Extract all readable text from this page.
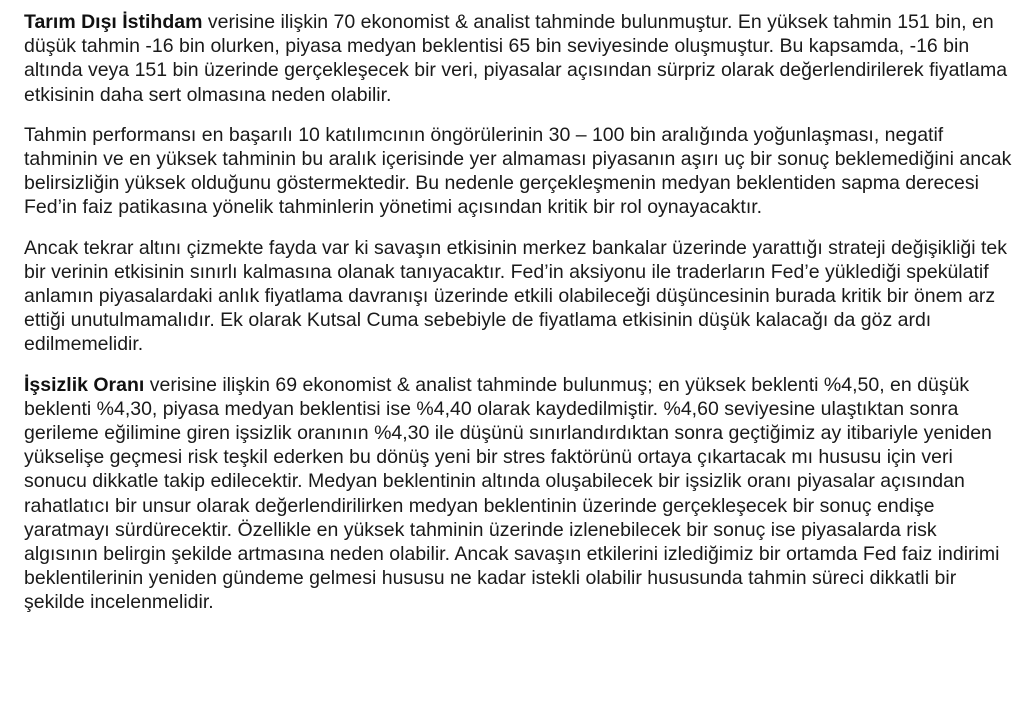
Tarım Dışı İstihdam verisine ilişkin 70 ekonomist & analist tahminde bulunmuştur. En yüksek tahmin 151 bin, en düşük tahmin -16 bin olurken, piyasa medyan beklentisi 65 bin seviyesinde oluşmuştur. Bu kapsamda, -16 bin altında veya 151 bin üzerinde gerçekleşecek bir veri, piyasalar açısından sürpriz olarak değerlendirilerek fiyatlama etkisinin daha sert olmasına neden olabilir.

Tahmin performansı en başarılı 10 katılımcının öngörülerinin 30 – 100 bin aralığında yoğunlaşması, negatif tahminin ve en yüksek tahminin bu aralık içerisinde yer almaması piyasanın aşırı uç bir sonuç beklemediğini ancak belirsizliğin yüksek olduğunu göstermektedir. Bu nedenle gerçekleşmenin medyan beklentiden sapma derecesi Fed’in faiz patikasına yönelik tahminlerin yönetimi açısından kritik bir rol oynayacaktır.

Ancak tekrar altını çizmekte fayda var ki savaşın etkisinin merkez bankalar üzerinde yarattığı strateji değişikliği tek bir verinin etkisinin sınırlı kalmasına olanak tanıyacaktır. Fed’in aksiyonu ile traderların Fed’e yüklediği spekülatif anlamın piyasalardaki anlık fiyatlama davranışı üzerinde etkili olabileceği düşüncesinin burada kritik bir önem arz ettiği unutulmamalıdır. Ek olarak Kutsal Cuma sebebiyle de fiyatlama etkisinin düşük kalacağı da göz ardı edilmemelidir.

İşsizlik Oranı verisine ilişkin 69 ekonomist & analist tahminde bulunmuş; en yüksek beklenti %4,50, en düşük beklenti %4,30, piyasa medyan beklentisi ise %4,40 olarak kaydedilmiştir. %4,60 seviyesine ulaştıktan sonra gerileme eğilimine giren işsizlik oranının %4,30 ile düşünü sınırlandırdıktan sonra geçtiğimiz ay itibariyle yeniden yükselişe geçmesi risk teşkil ederken bu dönüş yeni bir stres faktörünü ortaya çıkartacak mı hususu için veri sonucu dikkatle takip edilecektir. Medyan beklentinin altında oluşabilecek bir işsizlik oranı piyasalar açısından rahatlatıcı bir unsur olarak değerlendirilirken medyan beklentinin üzerinde gerçekleşecek bir sonuç endişe yaratmayı sürdürecektir. Özellikle en yüksek tahminin üzerinde izlenebilecek bir sonuç ise piyasalarda risk algısının belirgin şekilde artmasına neden olabilir. Ancak savaşın etkilerini izlediğimiz bir ortamda Fed faiz indirimi beklentilerinin yeniden gündeme gelmesi hususu ne kadar istekli olabilir hususunda tahmin süreci dikkatli bir şekilde incelenmelidir.
